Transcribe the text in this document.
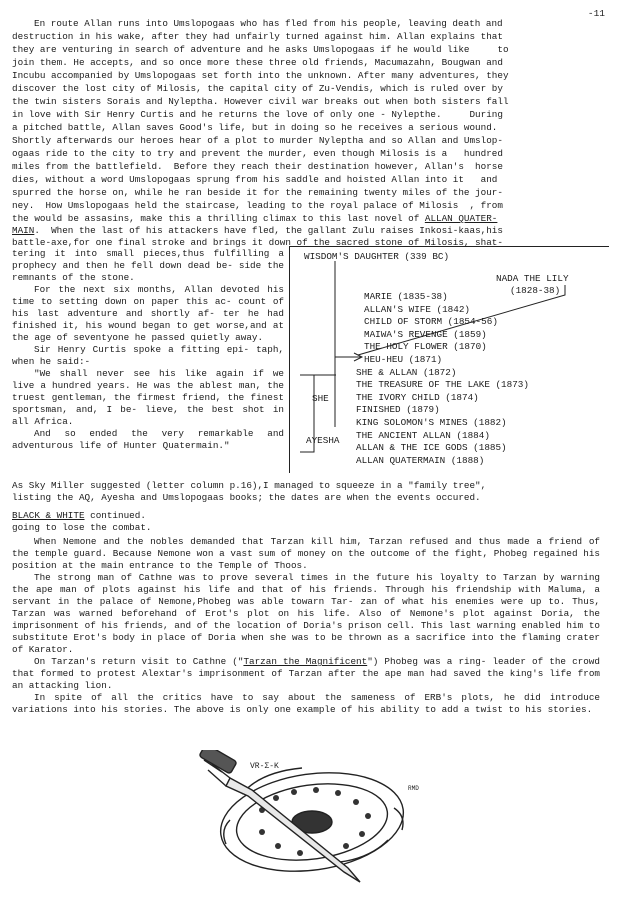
-11
En route Allan runs into Umslopogaas who has fled from his people, leaving death and
destruction in his wake, after they had unfairly turned against him. Allan explains that
they are venturing in search of adventure and he asks Umslopogaas if he would like     to
join them. He accepts, and so once more these three old friends, Macumazahn, Bougwan and
Incubu accompanied by Umslopogaas set forth into the unknown. After many adventures, they
discover the lost city of Milosis, the capital city of Zu-Vendis, which is ruled over by
the twin sisters Sorais and Nyleptha. However civil war breaks out when both sisters fall
in love with Sir Henry Curtis and he returns the love of only one - Nylepthe.     During
a pitched battle, Allan saves Good's life, but in doing so he receives a serious wound.
Shortly afterwards our heroes hear of a plot to murder Nyleptha and so Allan and Umslop-
ogaas ride to the city to try and prevent the murder, even though Milosis is a   hundred
miles from the battlefield.  Before they reach their destination however, Allan's  horse
dies, without a word Umslopogaas sprung from his saddle and hoisted Allan into it   and
spurred the horse on, while he ran beside it for the remaining twenty miles of the jour-
ney.  How Umslopogaas held the staircase, leading to the royal palace of Milosis  , from
the would be assasins, make this a thrilling climax to this last novel of ALLAN QUATER-
MAIN.  When the last of his attackers have fled, the gallant Zulu raises Inkosi-kaas,his
battle-axe,for one final stroke and brings it down of the sacred stone of Milosis, shat-

tering it into small pieces,thus fulfilling a prophecy and then he fell down dead be- side the remnants of the stone.

For the next six months, Allan devoted his time to setting down on paper this ac- count of his last adventure and shortly af- ter he had finished it, his wound began to get worse,and at the age of seventyone he passed quietly away.

Sir Henry Curtis spoke a fitting epi- taph, when he said:-

"We shall never see his like again if we live a hundred years. He was the ablest man, the truest gentleman, the firmest friend, the finest sportsman, and, I be- lieve, the best shot in all Africa.

And so ended the very remarkable and adventurous life of Hunter Quatermain."

WISDOM'S DAUGHTER (339 BC)
NADA THE LILY
(1828-38)
MARIE (1835-38)
ALLAN'S WIFE (1842)
CHILD OF STORM (1854-56)
MAIWA'S REVENGE (1859)
THE HOLY FLOWER (1870)
HEU-HEU (1871)
SHE & ALLAN (1872)
THE TREASURE OF THE LAKE (1873)
THE IVORY CHILD (1874)
FINISHED (1879)
KING SOLOMON'S MINES (1882)
THE ANCIENT ALLAN (1884)
ALLAN & THE ICE GODS (1885)
ALLAN QUATERMAIN (1888)
SHE
AYESHA
As Sky Miller suggested (letter column p.16),I managed to squeeze in a "family tree",
listing the AQ, Ayesha and Umslopogaas books; the dates are when the events occured.
BLACK & WHITE continued.
going to lose the combat.

When Nemone and the nobles demanded that Tarzan kill him, Tarzan refused and thus made a friend of the temple guard. Because Nemone won a vast sum of money on the outcome of the fight, Phobeg regained his position at the main entrance to the Temple of Thoos.

The strong man of Cathne was to prove several times in the future his loyalty to Tarzan by warning the ape man of plots against his life and that of his friends. Through his friendship with Maluma, a servant in the palace of Nemone,Phobeg was able towarn Tar- zan of what his enemies were up to. Thus, Tarzan was warned beforehand of Erot's plot on his life. Also of Nemone's plot against Doria, the imprisonment of his friends, and of the location of Doria's prison cell. This last warning enabled him to substitute Erot's body in place of Doria when she was to be thrown as a sacrifice into the flaming crater of Karator.

On Tarzan's return visit to Cathne ("Tarzan the Magnificent") Phobeg was a ring- leader of the crowd that formed to protest Alextar's imprisonment of Tarzan after the ape man had saved the king's life from an attacking lion.

In spite of all the critics have to say about the sameness of ERB's plots, he did introduce variations into his stories. The above is only one example of his ability to add a twist to his stories.

VR-Σ-K
RMD
